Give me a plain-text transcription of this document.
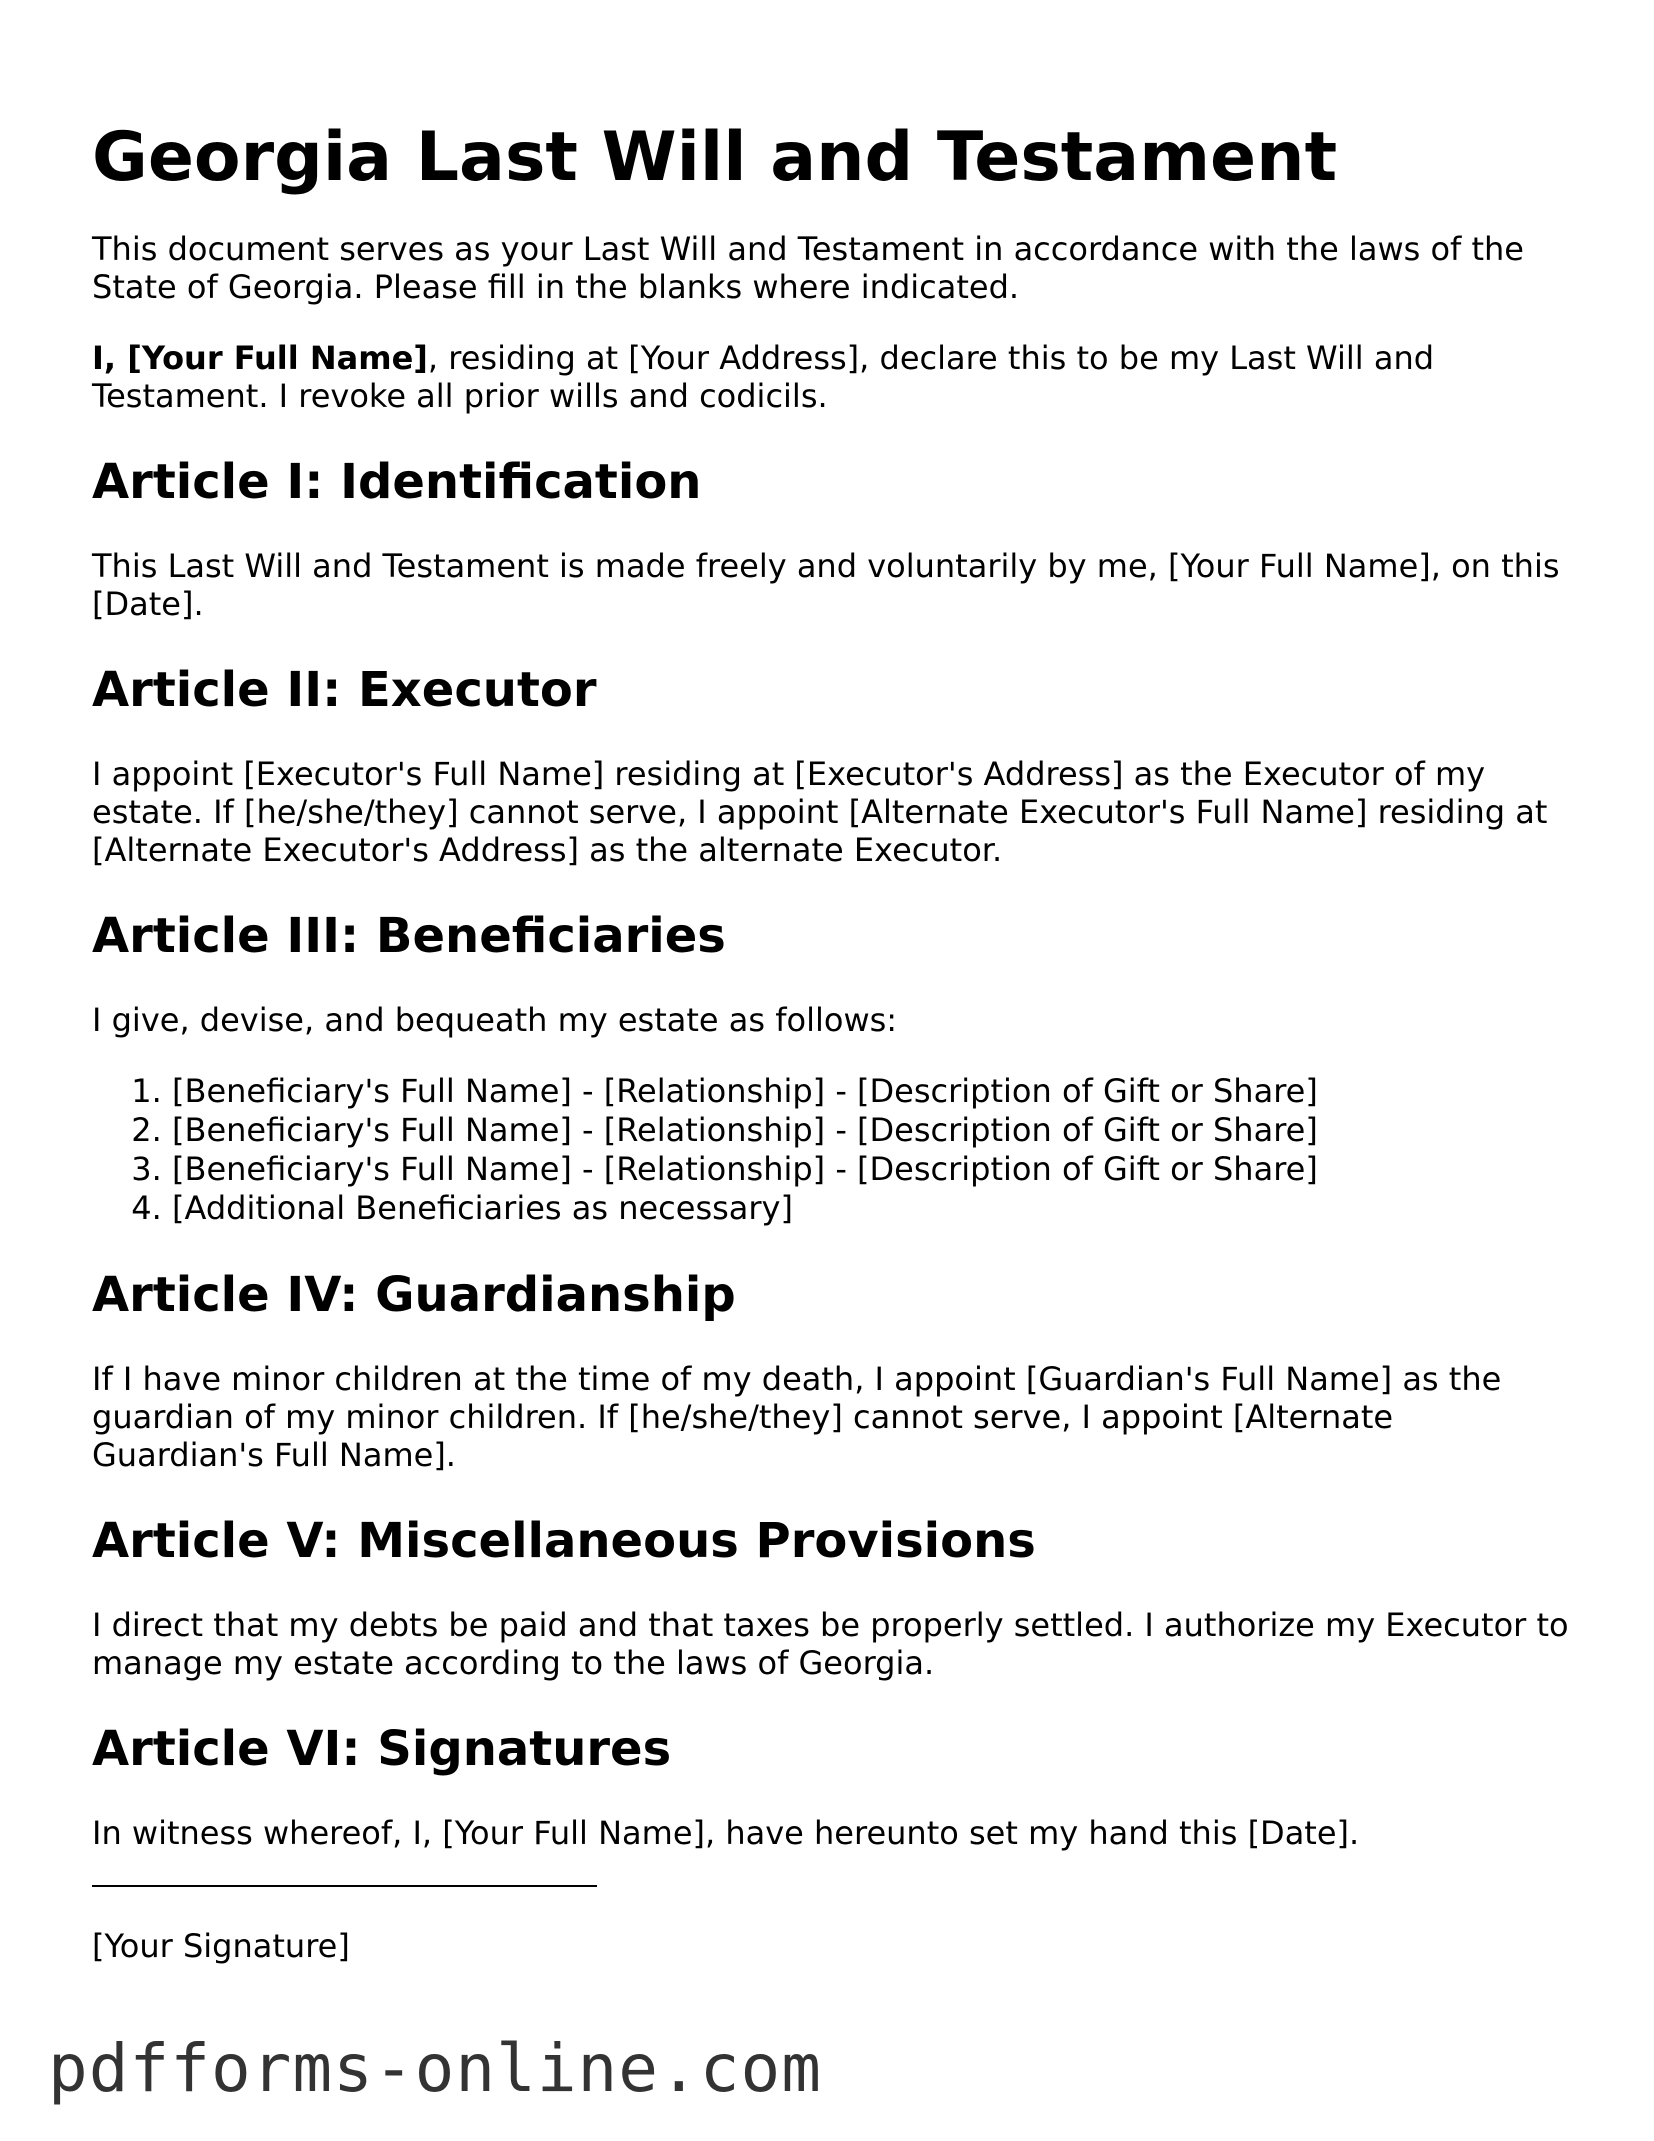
Georgia Last Will and Testament

This document serves as your Last Will and Testament in accordance with the laws of the State of Georgia. Please fill in the blanks where indicated.

I, [Your Full Name], residing at [Your Address], declare this to be my Last Will and Testament. I revoke all prior wills and codicils.

Article I: Identification

This Last Will and Testament is made freely and voluntarily by me, [Your Full Name], on this [Date].

Article II: Executor

I appoint [Executor's Full Name] residing at [Executor's Address] as the Executor of my estate. If [he/she/they] cannot serve, I appoint [Alternate Executor's Full Name] residing at [Alternate Executor's Address] as the alternate Executor.

Article III: Beneficiaries

I give, devise, and bequeath my estate as follows:

1. [Beneficiary's Full Name] - [Relationship] - [Description of Gift or Share]
2. [Beneficiary's Full Name] - [Relationship] - [Description of Gift or Share]
3. [Beneficiary's Full Name] - [Relationship] - [Description of Gift or Share]
4. [Additional Beneficiaries as necessary]
Article IV: Guardianship

If I have minor children at the time of my death, I appoint [Guardian's Full Name] as the guardian of my minor children. If [he/she/they] cannot serve, I appoint [Alternate Guardian's Full Name].

Article V: Miscellaneous Provisions

I direct that my debts be paid and that taxes be properly settled. I authorize my Executor to manage my estate according to the laws of Georgia.

Article VI: Signatures

In witness whereof, I, [Your Full Name], have hereunto set my hand this [Date].

[Your Signature]

pdfforms-online.com
